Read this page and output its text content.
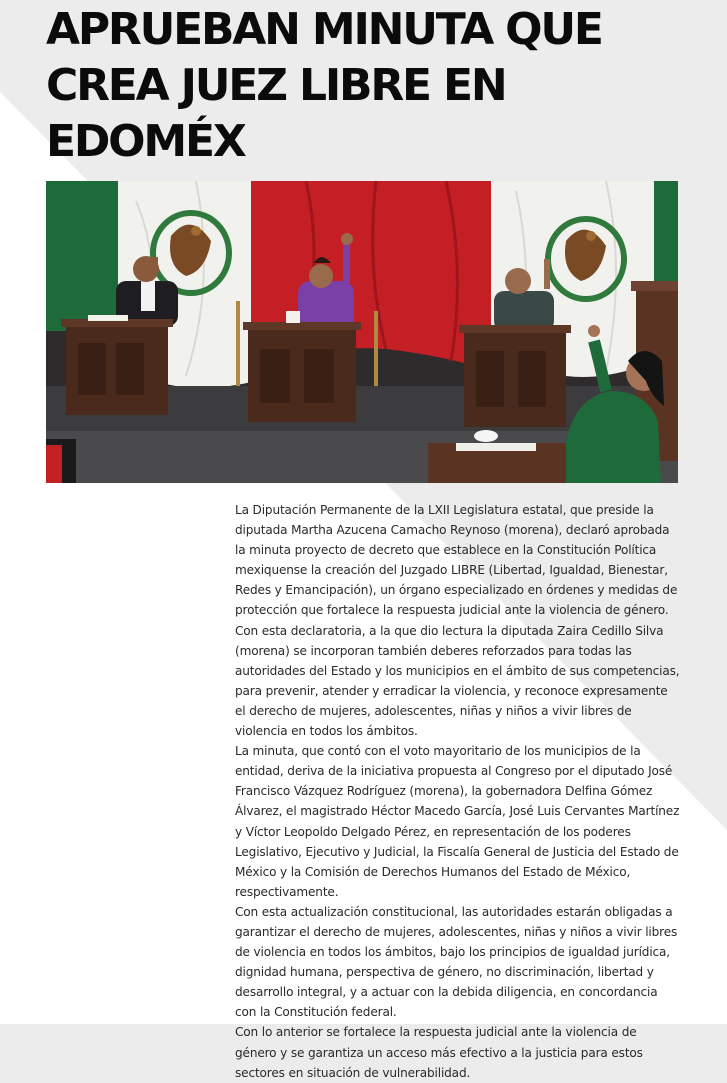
APRUEBAN MINUTA QUE
CREA JUEZ LIBRE EN EDOMÉX

La Diputación Permanente de la LXII Legislatura estatal, que preside la diputada Martha Azucena Camacho Reynoso (morena), declaró aprobada la minuta proyecto de decreto que establece en la Constitución Política mexiquense la creación del Juzgado LIBRE (Libertad, Igualdad, Bienestar, Redes y Emancipación), un órgano especializado en órdenes y medidas de protección que fortalece la respuesta judicial ante la violencia de género.

Con esta declaratoria, a la que dio lectura la diputada Zaira Cedillo Silva (morena) se incorporan también deberes reforzados para todas las autoridades del Estado y los municipios en el ámbito de sus competencias, para prevenir, atender y erradicar la violencia, y reconoce expresamente el derecho de mujeres, adolescentes, niñas y niños a vivir libres de violencia en todos los ámbitos.

La minuta, que contó con el voto mayoritario de los municipios de la entidad, deriva de la iniciativa propuesta al Congreso por el diputado José Francisco Vázquez Rodríguez (morena), la gobernadora Delfina Gómez Álvarez, el magistrado Héctor Macedo García, José Luis Cervantes Martínez y Víctor Leopoldo Delgado Pérez, en representación de los poderes Legislativo, Ejecutivo y Judicial, la Fiscalía General de Justicia del Estado de México y la Comisión de Derechos Humanos del Estado de México, respectivamente.

Con esta actualización constitucional, las autoridades estarán obligadas a garantizar el derecho de mujeres, adolescentes, niñas y niños a vivir libres de violencia en todos los ámbitos, bajo los principios de igualdad jurídica, dignidad humana, perspectiva de género, no discriminación, libertad y desarrollo integral, y a actuar con la debida diligencia, en concordancia con la Constitución federal.

Con lo anterior se fortalece la respuesta judicial ante la violencia de género y se garantiza un acceso más efectivo a la justicia para estos sectores en situación de vulnerabilidad.
